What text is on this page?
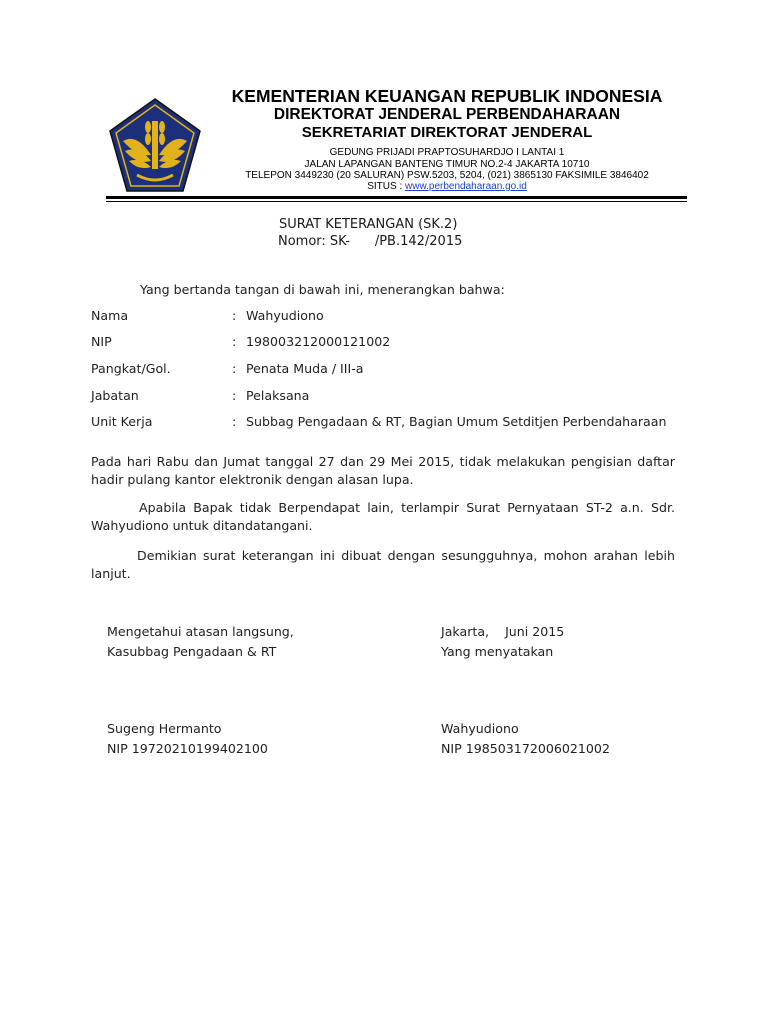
KEMENTERIAN KEUANGAN REPUBLIK INDONESIA
DIREKTORAT JENDERAL PERBENDAHARAAN
SEKRETARIAT DIREKTORAT JENDERAL
GEDUNG PRIJADI PRAPTOSUHARDJO I LANTAI 1
JALAN LAPANGAN BANTENG TIMUR NO.2-4 JAKARTA 10710
TELEPON 3449230 (20 SALURAN) PSW.5203, 5204, (021) 3865130 FAKSIMILE 3846402
SITUS : www.perbendaharaan.go.id
SURAT KETERANGAN (SK.2)
Nomor: SK-      /PB.142/2015
Yang bertanda tangan di bawah ini, menerangkan bahwa:
Nama	: Wahyudiono
NIP	: 198003212000121002
Pangkat/Gol.	: Penata Muda / III-a
Jabatan	: Pelaksana
Unit Kerja	: Subbag Pengadaan & RT, Bagian Umum Setditjen Perbendaharaan
Pada hari Rabu dan Jumat tanggal 27 dan 29 Mei 2015, tidak melakukan pengisian daftar hadir pulang kantor elektronik dengan alasan lupa.
Apabila Bapak tidak Berpendapat lain, terlampir Surat Pernyataan ST-2 a.n. Sdr. Wahyudiono untuk ditandatangani.
Demikian surat keterangan ini dibuat dengan sesungguhnya, mohon arahan lebih lanjut.
Mengetahui atasan langsung,
Kasubbag Pengadaan & RT
Sugeng Hermanto
NIP 19720210199402100
Jakarta,    Juni 2015
Yang menyatakan
Wahyudiono
NIP 198503172006021002
